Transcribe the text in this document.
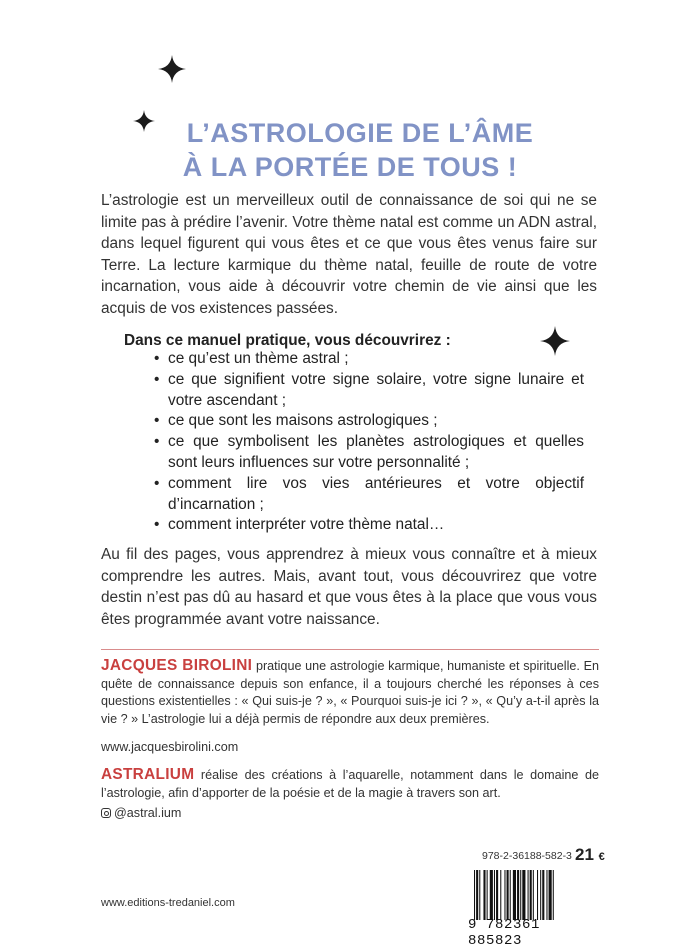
L’ASTROLOGIE DE L’ÂME
À LA PORTÉE DE TOUS !
L’astrologie est un merveilleux outil de connaissance de soi qui ne se limite pas à prédire l’avenir. Votre thème natal est comme un ADN astral, dans lequel figurent qui vous êtes et ce que vous êtes venus faire sur Terre. La lecture karmique du thème natal, feuille de route de votre incarnation, vous aide à découvrir votre chemin de vie ainsi que les acquis de vos existences passées.
Dans ce manuel pratique, vous découvrirez :
• ce qu’est un thème astral ;
• ce que signifient votre signe solaire, votre signe lunaire et votre ascendant ;
• ce que sont les maisons astrologiques ;
• ce que symbolisent les planètes astrologiques et quelles sont leurs influences sur votre personnalité ;
• comment lire vos vies antérieures et votre objectif d’incarnation ;
• comment interpréter votre thème natal…
Au fil des pages, vous apprendrez à mieux vous connaître et à mieux comprendre les autres. Mais, avant tout, vous découvrirez que votre destin n’est pas dû au hasard et que vous êtes à la place que vous vous êtes programmée avant votre naissance.
JACQUES BIROLINI pratique une astrologie karmique, humaniste et spirituelle. En quête de connaissance depuis son enfance, il a toujours cherché les réponses à ces questions existentielles : « Qui suis-je ? », « Pourquoi suis-je ici ? », « Qu’y a-t-il après la vie ? » L’astrologie lui a déjà permis de répondre aux deux premières.
www.jacquesbirolini.com
ASTRALIUM réalise des créations à l’aquarelle, notamment dans le domaine de l’astrologie, afin d’apporter de la poésie et de la magie à travers son art.
@astral.ium
978-2-36188-582-3 21 €
9 782361 885823
www.editions-tredaniel.com
